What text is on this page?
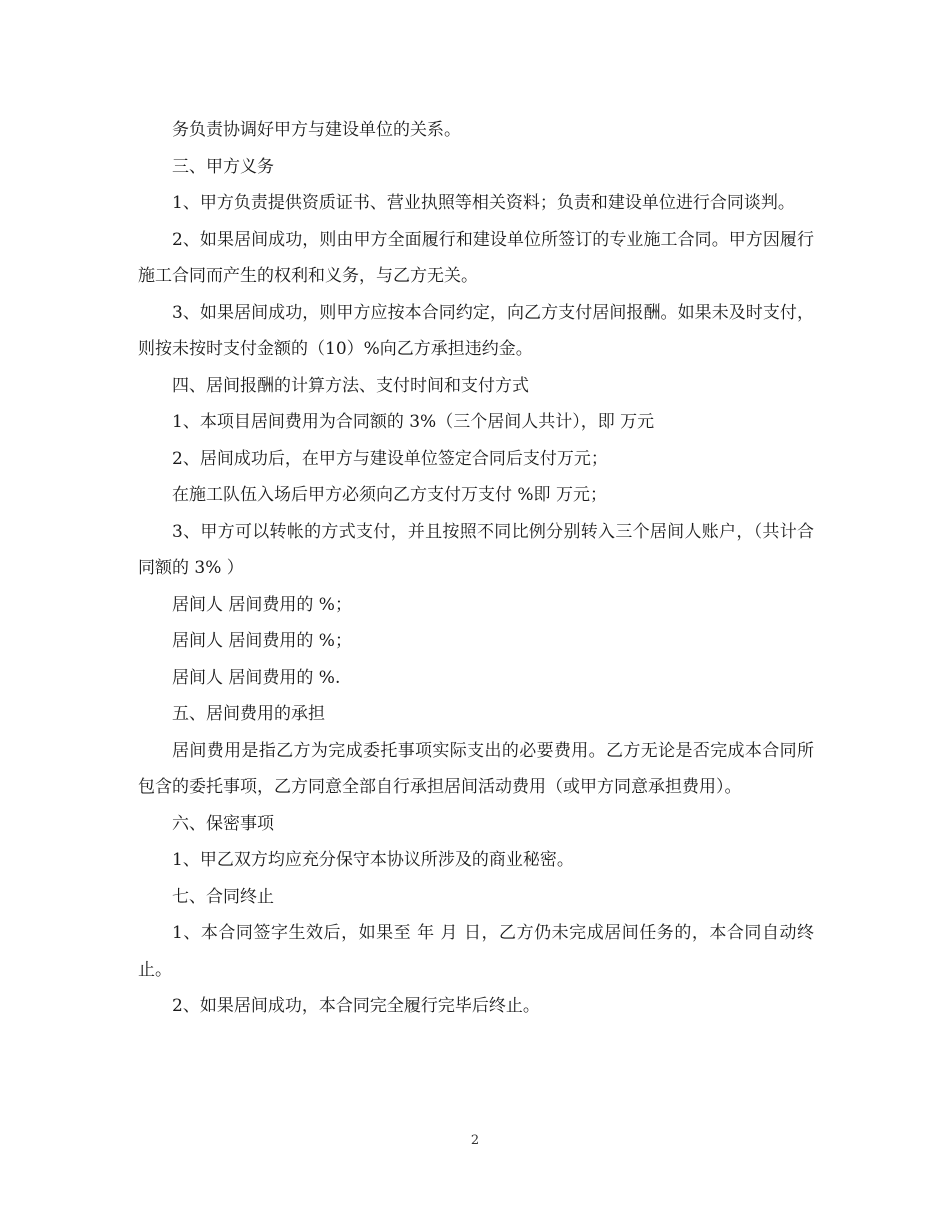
务负责协调好甲方与建设单位的关系。

三、甲方义务

1、甲方负责提供资质证书、营业执照等相关资料；负责和建设单位进行合同谈判。

2、如果居间成功，则由甲方全面履行和建设单位所签订的专业施工合同。甲方因履行施工合同而产生的权利和义务，与乙方无关。

3、如果居间成功，则甲方应按本合同约定，向乙方支付居间报酬。如果未及时支付，则按未按时支付金额的（10）%向乙方承担违约金。

四、居间报酬的计算方法、支付时间和支付方式

1、本项目居间费用为合同额的 3%（三个居间人共计），即 万元

2、居间成功后，在甲方与建设单位签定合同后支付万元；

在施工队伍入场后甲方必须向乙方支付万支付 %即 万元；

3、甲方可以转帐的方式支付，并且按照不同比例分别转入三个居间人账户，（共计合同额的 3% ）

居间人 居间费用的 %；

居间人 居间费用的 %；

居间人 居间费用的 %.

五、居间费用的承担

居间费用是指乙方为完成委托事项实际支出的必要费用。乙方无论是否完成本合同所包含的委托事项，乙方同意全部自行承担居间活动费用（或甲方同意承担费用）。

六、保密事项

1、甲乙双方均应充分保守本协议所涉及的商业秘密。

七、合同终止

1、本合同签字生效后，如果至 年 月 日，乙方仍未完成居间任务的，本合同自动终止。

2、如果居间成功，本合同完全履行完毕后终止。

2
